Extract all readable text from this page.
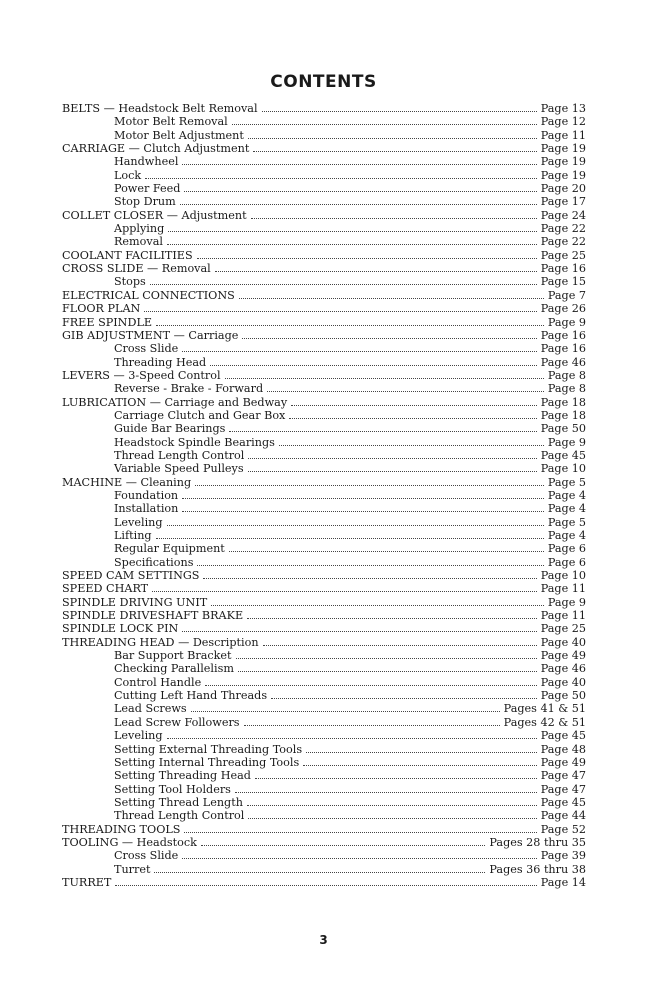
CONTENTS
BELTS — Headstock Belt Removal	Page 13
Motor Belt Removal	Page 12
Motor Belt Adjustment	Page 11
CARRIAGE — Clutch Adjustment	Page 19
Handwheel	Page 19
Lock	Page 19
Power Feed	Page 20
Stop Drum	Page 17
COLLET CLOSER — Adjustment	Page 24
Applying	Page 22
Removal	Page 22
COOLANT FACILITIES	Page 25
CROSS SLIDE — Removal	Page 16
Stops	Page 15
ELECTRICAL CONNECTIONS	Page 7
FLOOR PLAN	Page 26
FREE SPINDLE	Page 9
GIB ADJUSTMENT — Carriage	Page 16
Cross Slide	Page 16
Threading Head	Page 46
LEVERS — 3-Speed Control	Page 8
Reverse - Brake - Forward	Page 8
LUBRICATION — Carriage and Bedway	Page 18
Carriage Clutch and Gear Box	Page 18
Guide Bar Bearings	Page 50
Headstock Spindle Bearings	Page 9
Thread Length Control	Page 45
Variable Speed Pulleys	Page 10
MACHINE — Cleaning	Page 5
Foundation	Page 4
Installation	Page 4
Leveling	Page 5
Lifting	Page 4
Regular Equipment	Page 6
Specifications	Page 6
SPEED CAM SETTINGS	Page 10
SPEED CHART	Page 11
SPINDLE DRIVING UNIT	Page 9
SPINDLE DRIVESHAFT BRAKE	Page 11
SPINDLE LOCK PIN	Page 25
THREADING HEAD — Description	Page 40
Bar Support Bracket	Page 49
Checking Parallelism	Page 46
Control Handle	Page 40
Cutting Left Hand Threads	Page 50
Lead Screws	Pages 41 & 51
Lead Screw Followers	Pages 42 & 51
Leveling	Page 45
Setting External Threading Tools	Page 48
Setting Internal Threading Tools	Page 49
Setting Threading Head	Page 47
Setting Tool Holders	Page 47
Setting Thread Length	Page 45
Thread Length Control	Page 44
THREADING TOOLS	Page 52
TOOLING — Headstock	Pages 28 thru 35
Cross Slide	Page 39
Turret	Pages 36 thru 38
TURRET	Page 14
3
